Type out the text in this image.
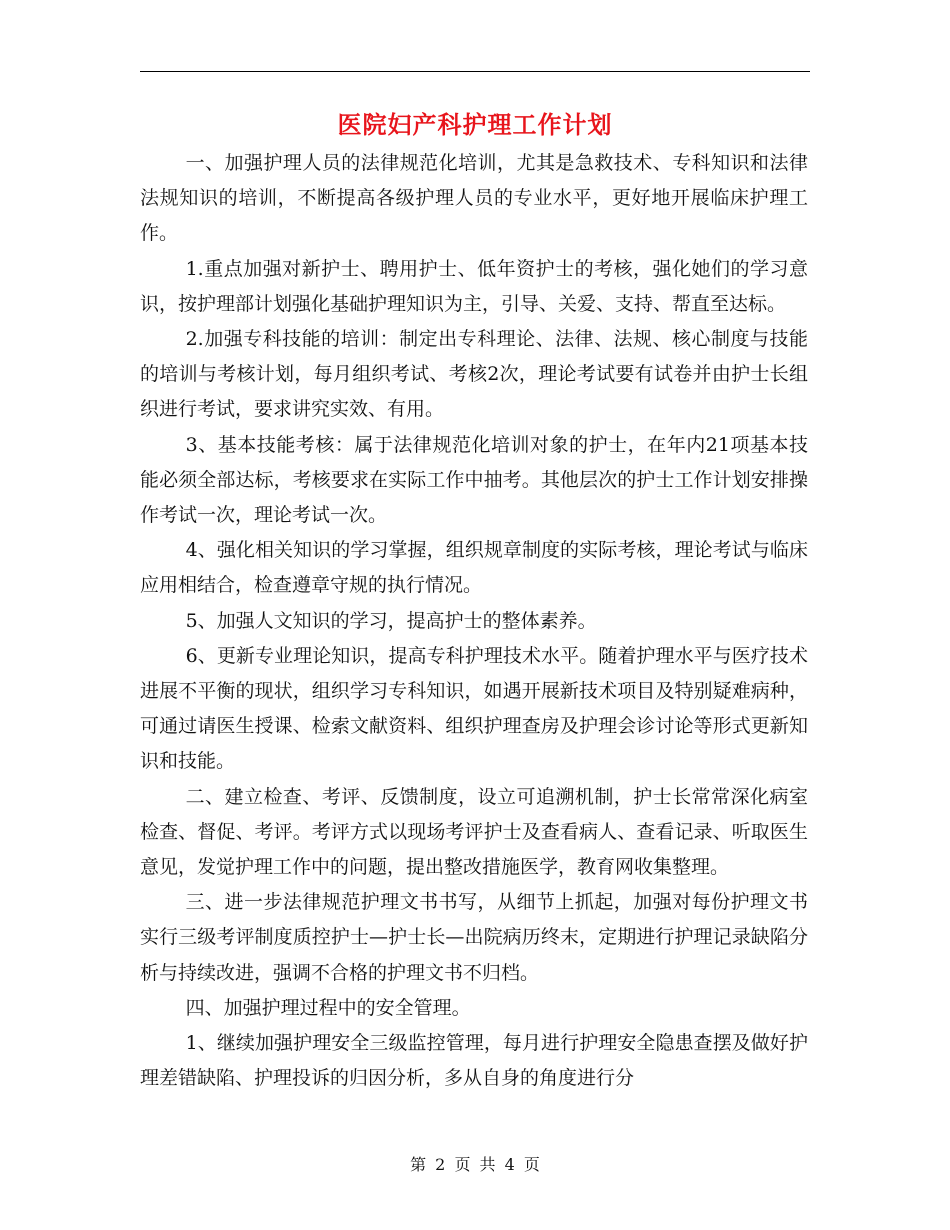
医院妇产科护理工作计划

一、加强护理人员的法律规范化培训，尤其是急救技术、专科知识和法律法规知识的培训，不断提高各级护理人员的专业水平，更好地开展临床护理工作。

1.重点加强对新护士、聘用护士、低年资护士的考核，强化她们的学习意识，按护理部计划强化基础护理知识为主，引导、关爱、支持、帮直至达标。

2.加强专科技能的培训：制定出专科理论、法律、法规、核心制度与技能的培训与考核计划，每月组织考试、考核2次，理论考试要有试卷并由护士长组织进行考试，要求讲究实效、有用。

3、基本技能考核：属于法律规范化培训对象的护士，在年内21项基本技能必须全部达标，考核要求在实际工作中抽考。其他层次的护士工作计划安排操作考试一次，理论考试一次。

4、强化相关知识的学习掌握，组织规章制度的实际考核，理论考试与临床应用相结合，检查遵章守规的执行情况。

5、加强人文知识的学习，提高护士的整体素养。

6、更新专业理论知识，提高专科护理技术水平。随着护理水平与医疗技术进展不平衡的现状，组织学习专科知识，如遇开展新技术项目及特别疑难病种，可通过请医生授课、检索文献资料、组织护理查房及护理会诊讨论等形式更新知识和技能。

二、建立检查、考评、反馈制度，设立可追溯机制，护士长常常深化病室检查、督促、考评。考评方式以现场考评护士及查看病人、查看记录、听取医生意见，发觉护理工作中的问题，提出整改措施医学，教育网收集整理。

三、进一步法律规范护理文书书写，从细节上抓起，加强对每份护理文书实行三级考评制度质控护士—护士长—出院病历终末，定期进行护理记录缺陷分析与持续改进，强调不合格的护理文书不归档。

四、加强护理过程中的安全管理。

1、继续加强护理安全三级监控管理，每月进行护理安全隐患查摆及做好护理差错缺陷、护理投诉的归因分析，多从自身的角度进行分

第 2 页 共 4 页
